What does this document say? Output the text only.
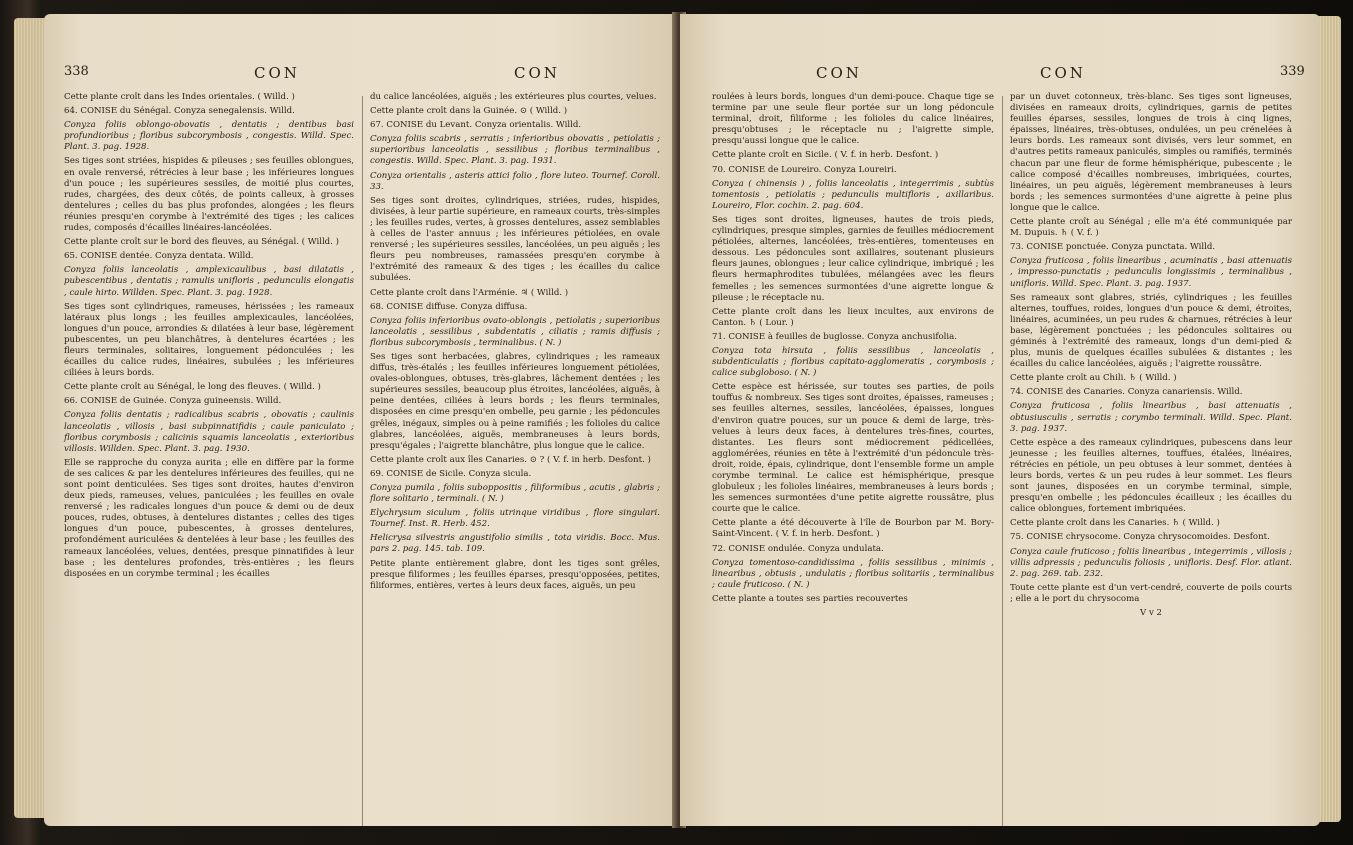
338	CON	CON

Cette plante croît dans les Indes orientales. ( Willd. )

64. CONISE du Sénégal. Conyza senegalensis. Willd.

Conyza foliis oblongo-obovatis , dentatis ; dentibus basi profundioribus ; floribus subcorymbosis , congestis. Willd. Spec. Plant. 3. pag. 1928.

Ses tiges sont striées, hispides & pileuses ; ses feuilles oblongues, en ovale renversé, rétrécies à leur base ; les inférieures longues d'un pouce ; les supérieures sessiles, de moitié plus courtes, rudes, chargées, des deux côtés, de points calleux, à grosses dentelures ; celles du bas plus profondes, alongées ; les fleurs réunies presqu'en corymbe à l'extrémité des tiges ; les calices rudes, composés d'écailles linéaires-lancéolées.

Cette plante croît sur le bord des fleuves, au Sénégal. ( Willd. )

65. CONISE dentée. Conyza dentata. Willd.

Conyza foliis lanceolatis , amplexicaulibus , basi dilatatis , pubescentibus , dentatis ; ramulis unifloris , pedunculis elongatis , caule hirto. Willden. Spec. Plant. 3. pag. 1928.

Ses tiges sont cylindriques, rameuses, hérissées ; les rameaux latéraux plus longs ; les feuilles amplexicaules, lancéolées, longues d'un pouce, arrondies & dilatées à leur base, légèrement pubescentes, un peu blanchâtres, à dentelures écartées ; les fleurs terminales, solitaires, longuement pédonculées ; les écailles du calice rudes, linéaires, subulées ; les inférieures ciliées à leurs bords.

Cette plante croît au Sénégal, le long des fleuves. ( Willd. )

66. CONISE de Guinée. Conyza guineensis. Willd.

Conyza foliis dentatis ; radicalibus scabris , obovatis ; caulinis lanceolatis , villosis , basi subpinnatifidis ; caule paniculato ; floribus corymbosis ; calicinis squamis lanceolatis , exterioribus villosis. Willden. Spec. Plant. 3. pag. 1930.

Elle se rapproche du conyza aurita ; elle en diffère par la forme de ses calices & par les dentelures inférieures des feuilles, qui ne sont point denticulées. Ses tiges sont droites, hautes d'environ deux pieds, rameuses, velues, paniculées ; les feuilles en ovale renversé ; les radicales longues d'un pouce & demi ou de deux pouces, rudes, obtuses, à dentelures distantes ; celles des tiges longues d'un pouce, pubescentes, à grosses dentelures, profondément auriculées & dentelées à leur base ; les feuilles des rameaux lancéolées, velues, dentées, presque pinnatifides à leur base ; les dentelures profondes, très-entières ; les fleurs disposées en un corymbe terminal ; les écailles

du calice lancéolées, aiguës ; les extérieures plus courtes, velues.

Cette plante croît dans la Guinée. ⊙ ( Willd. )

67. CONISE du Levant. Conyza orientalis. Willd.

Conyza foliis scabris , serratis ; inferioribus obovatis , petiolatis ; superioribus lanceolatis , sessilibus ; floribus terminalibus , congestis. Willd. Spec. Plant. 3. pag. 1931.

Conyza orientalis , asteris attici folio , flore luteo. Tournef. Coroll. 33.

Ses tiges sont droites, cylindriques, striées, rudes, hispides, divisées, à leur partie supérieure, en rameaux courts, très-simples ; les feuilles rudes, vertes, à grosses dentelures, assez semblables à celles de l'aster annuus ; les inférieures pétiolées, en ovale renversé ; les supérieures sessiles, lancéolées, un peu aiguës ; les fleurs peu nombreuses, ramassées presqu'en corymbe à l'extrémité des rameaux & des tiges ; les écailles du calice subulées.

Cette plante croît dans l'Arménie. ♃ ( Willd. )

68. CONISE diffuse. Conyza diffusa.

Conyza foliis inferioribus ovato-oblongis , petiolatis ; superioribus lanceolatis , sessilibus , subdentatis , ciliatis ; ramis diffusis ; floribus subcorymbosis , terminalibus. ( N. )

Ses tiges sont herbacées, glabres, cylindriques ; les rameaux diffus, très-étalés ; les feuilles inférieures longuement pétiolées, ovales-oblongues, obtuses, très-glabres, lâchement dentées ; les supérieures sessiles, beaucoup plus étroites, lancéolées, aiguës, à peine dentées, ciliées à leurs bords ; les fleurs terminales, disposées en cime presqu'en ombelle, peu garnie ; les pédoncules grêles, inégaux, simples ou à peine ramifiés ; les folioles du calice glabres, lancéolées, aiguës, membraneuses à leurs bords, presqu'égales ; l'aigrette blanchâtre, plus longue que le calice.

Cette plante croît aux îles Canaries. ⊙ ? ( V. f. in herb. Desfont. )

69. CONISE de Sicile. Conyza sicula.

Conyza pumila , foliis suboppositis , filiformibus , acutis , glabris ; flore solitario , terminali. ( N. )

Elychrysum siculum , foliis utrinque viridibus , flore singulari. Tournef. Inst. R. Herb. 452.

Helicrysa silvestris angustifolio similis , tota viridis. Bocc. Mus. pars 2. pag. 145. tab. 109.

Petite plante entièrement glabre, dont les tiges sont grêles, presque filiformes ; les feuilles éparses, presqu'opposées, petites, filiformes, entières, vertes à leurs deux faces, aiguës, un peu

CON	CON	339

roulées à leurs bords, longues d'un demi-pouce. Chaque tige se termine par une seule fleur portée sur un long pédoncule terminal, droit, filiforme ; les folioles du calice linéaires, presqu'obtuses ; le réceptacle nu ; l'aigrette simple, presqu'aussi longue que le calice.

Cette plante croît en Sicile. ( V. f. in herb. Desfont. )

70. CONISE de Loureiro. Conyza Loureiri.

Conyza ( chinensis ) , foliis lanceolatis , integerrimis , subtùs tomentosis , petiolatis ; pedunculis multifloris , axillaribus. Loureiro, Flor. cochin. 2. pag. 604.

Ses tiges sont droites, ligneuses, hautes de trois pieds, cylindriques, presque simples, garnies de feuilles médiocrement pétiolées, alternes, lancéolées, très-entières, tomenteuses en dessous. Les pédoncules sont axillaires, soutenant plusieurs fleurs jaunes, oblongues ; leur calice cylindrique, imbriqué ; les fleurs hermaphrodites tubulées, mélangées avec les fleurs femelles ; les semences surmontées d'une aigrette longue & pileuse ; le réceptacle nu.

Cette plante croît dans les lieux incultes, aux environs de Canton. ♄ ( Lour. )

71. CONISE à feuilles de buglosse. Conyza anchusifolia.

Conyza tota hirsuta , foliis sessilibus , lanceolatis , subdenticulatis ; floribus capitato-agglomeratis , corymbosis ; calice subgloboso. ( N. )

Cette espèce est hérissée, sur toutes ses parties, de poils touffus & nombreux. Ses tiges sont droites, épaisses, rameuses ; ses feuilles alternes, sessiles, lancéolées, épaisses, longues d'environ quatre pouces, sur un pouce & demi de large, très-velues à leurs deux faces, à dentelures très-fines, courtes, distantes. Les fleurs sont médiocrement pédicellées, agglomérées, réunies en tête à l'extrémité d'un pédoncule très-droit, roide, épais, cylindrique, dont l'ensemble forme un ample corymbe terminal. Le calice est hémisphérique, presque globuleux ; les folioles linéaires, membraneuses à leurs bords ; les semences surmontées d'une petite aigrette roussâtre, plus courte que le calice.

Cette plante a été découverte à l'île de Bourbon par M. Bory-Saint-Vincent. ( V. f. in herb. Desfont. )

72. CONISE ondulée. Conyza undulata.

Conyza tomentoso-candidissima , foliis sessilibus , minimis , linearibus , obtusis , undulatis ; floribus solitariis , terminalibus ; caule fruticoso. ( N. )

Cette plante a toutes ses parties recouvertes

par un duvet cotonneux, très-blanc. Ses tiges sont ligneuses, divisées en rameaux droits, cylindriques, garnis de petites feuilles éparses, sessiles, longues de trois à cinq lignes, épaisses, linéaires, très-obtuses, ondulées, un peu crénelées à leurs bords. Les rameaux sont divisés, vers leur sommet, en d'autres petits rameaux paniculés, simples ou ramifiés, terminés chacun par une fleur de forme hémisphérique, pubescente ; le calice composé d'écailles nombreuses, imbriquées, courtes, linéaires, un peu aiguës, légèrement membraneuses à leurs bords ; les semences surmontées d'une aigrette à peine plus longue que le calice.

Cette plante croît au Sénégal ; elle m'a été communiquée par M. Dupuis. ♄ ( V. f. )

73. CONISE ponctuée. Conyza punctata. Willd.

Conyza fruticosa , foliis linearibus , acuminatis , basi attenuatis , impresso-punctatis ; pedunculis longissimis , terminalibus , unifloris. Willd. Spec. Plant. 3. pag. 1937.

Ses rameaux sont glabres, striés, cylindriques ; les feuilles alternes, touffues, roides, longues d'un pouce & demi, étroites, linéaires, acuminées, un peu rudes & charnues, rétrécies à leur base, légèrement ponctuées ; les pédoncules solitaires ou géminés à l'extrémité des rameaux, longs d'un demi-pied & plus, munis de quelques écailles subulées & distantes ; les écailles du calice lancéolées, aiguës ; l'aigrette roussâtre.

Cette plante croît au Chili. ♄ ( Willd. )

74. CONISE des Canaries. Conyza canariensis. Willd.

Conyza fruticosa , foliis linearibus , basi attenuatis , obtusiusculis , serratis ; corymbo terminali. Willd. Spec. Plant. 3. pag. 1937.

Cette espèce a des rameaux cylindriques, pubescens dans leur jeunesse ; les feuilles alternes, touffues, étalées, linéaires, rétrécies en pétiole, un peu obtuses à leur sommet, dentées à leurs bords, vertes & un peu rudes à leur sommet. Les fleurs sont jaunes, disposées en un corymbe terminal, simple, presqu'en ombelle ; les pédoncules écailleux ; les écailles du calice oblongues, fortement imbriquées.

Cette plante croît dans les Canaries. ♄ ( Willd. )

75. CONISE chrysocome. Conyza chrysocomoides. Desfont.

Conyza caule fruticoso ; foliis linearibus , integerrimis , villosis ; villis adpressis ; pedunculis foliosis , unifloris. Desf. Flor. atlant. 2. pag. 269. tab. 232.

Toute cette plante est d'un vert-cendré, couverte de poils courts ; elle a le port du chrysocoma

V v 2
